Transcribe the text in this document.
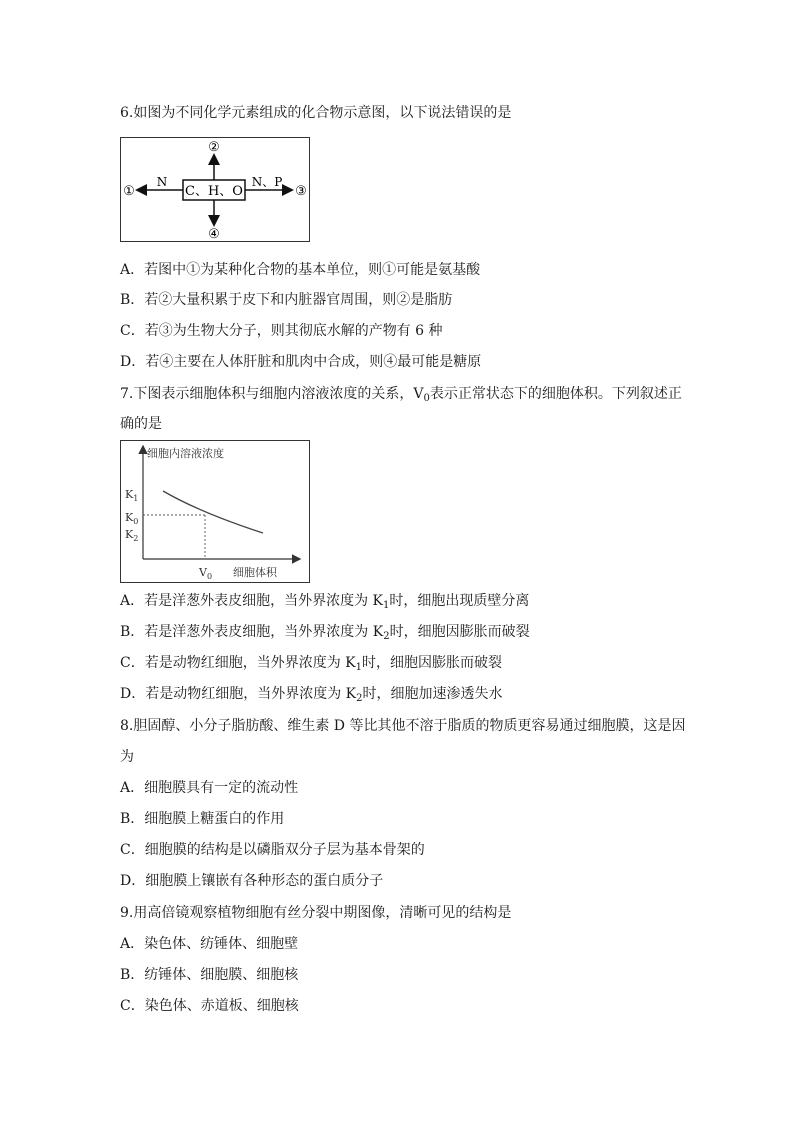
6.如图为不同化学元素组成的化合物示意图，以下说法错误的是
C、H、O
②
④
①
N
③
N、P
A．若图中①为某种化合物的基本单位，则①可能是氨基酸
B．若②大量积累于皮下和内脏器官周围，则②是脂肪
C．若③为生物大分子，则其彻底水解的产物有 6 种
D．若④主要在人体肝脏和肌肉中合成，则④最可能是糖原
7.下图表示细胞体积与细胞内溶液浓度的关系，$V_0$表示正常状态下的细胞体积。下列叙述正
确的是
细胞内溶液浓度
细胞体积
$K_1$
$K_0$
$K_2$
$V_0$
A．若是洋葱外表皮细胞，当外界浓度为 $K_1$时，细胞出现质壁分离
B．若是洋葱外表皮细胞，当外界浓度为 $K_2$时，细胞因膨胀而破裂
C．若是动物红细胞，当外界浓度为 $K_1$时，细胞因膨胀而破裂
D．若是动物红细胞，当外界浓度为 $K_2$时，细胞加速渗透失水
8.胆固醇、小分子脂肪酸、维生素 D 等比其他不溶于脂质的物质更容易通过细胞膜，这是因
为
A．细胞膜具有一定的流动性
B．细胞膜上糖蛋白的作用
C．细胞膜的结构是以磷脂双分子层为基本骨架的
D．细胞膜上镶嵌有各种形态的蛋白质分子
9.用高倍镜观察植物细胞有丝分裂中期图像，清晰可见的结构是
A．染色体、纺锤体、细胞壁
B．纺锤体、细胞膜、细胞核
C．染色体、赤道板、细胞核
